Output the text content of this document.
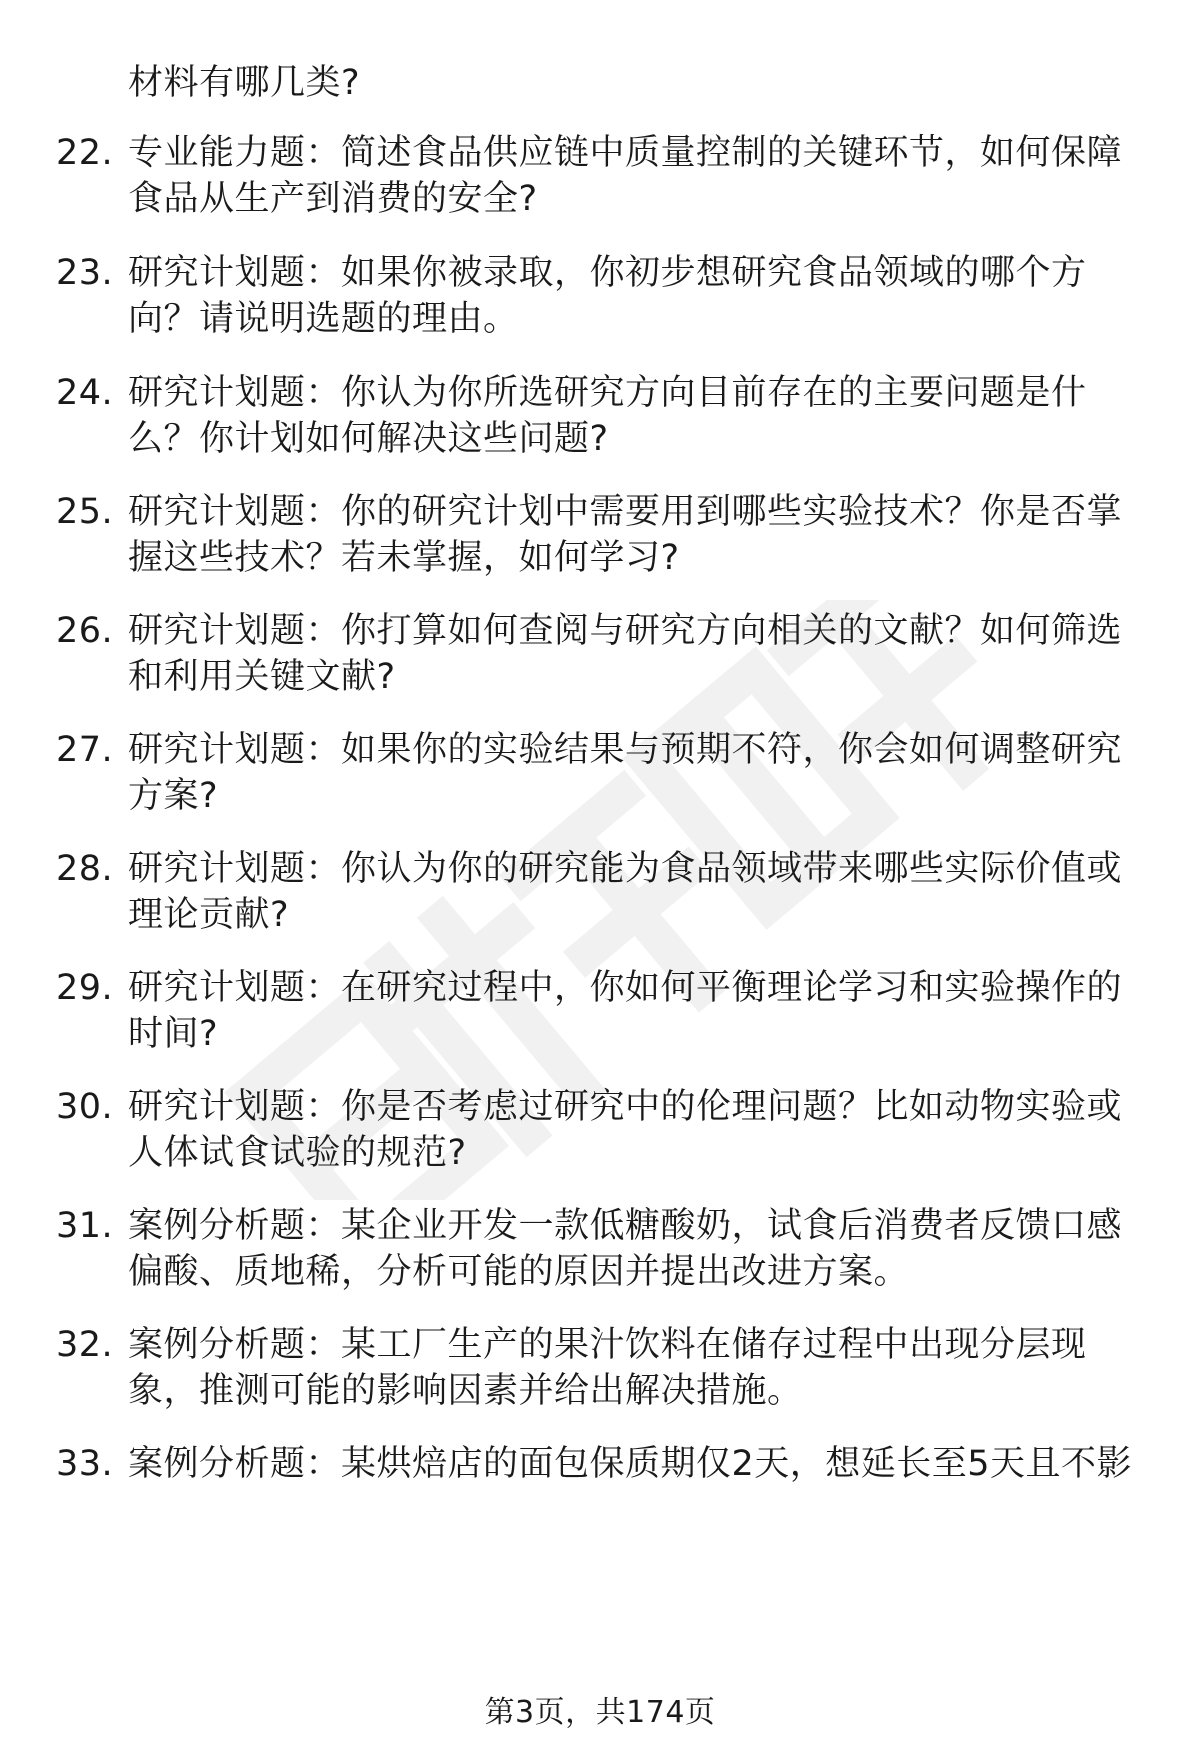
材料有哪几类?
22. 专业能力题：简述食品供应链中质量控制的关键环节，如何保障
食品从生产到消费的安全?
23. 研究计划题：如果你被录取，你初步想研究食品领域的哪个方
向？请说明选题的理由。
24. 研究计划题：你认为你所选研究方向目前存在的主要问题是什
么？你计划如何解决这些问题?
25. 研究计划题：你的研究计划中需要用到哪些实验技术？你是否掌
握这些技术？若未掌握，如何学习?
26. 研究计划题：你打算如何查阅与研究方向相关的文献？如何筛选
和利用关键文献?
27. 研究计划题：如果你的实验结果与预期不符，你会如何调整研究
方案?
28. 研究计划题：你认为你的研究能为食品领域带来哪些实际价值或
理论贡献?
29. 研究计划题：在研究过程中，你如何平衡理论学习和实验操作的
时间?
30. 研究计划题：你是否考虑过研究中的伦理问题？比如动物实验或
人体试食试验的规范?
31. 案例分析题：某企业开发一款低糖酸奶，试食后消费者反馈口感
偏酸、质地稀，分析可能的原因并提出改进方案。
32. 案例分析题：某工厂生产的果汁饮料在储存过程中出现分层现
象，推测可能的影响因素并给出解决措施。
33. 案例分析题：某烘焙店的面包保质期仅2天，想延长至5天且不影
第3页，共174页
